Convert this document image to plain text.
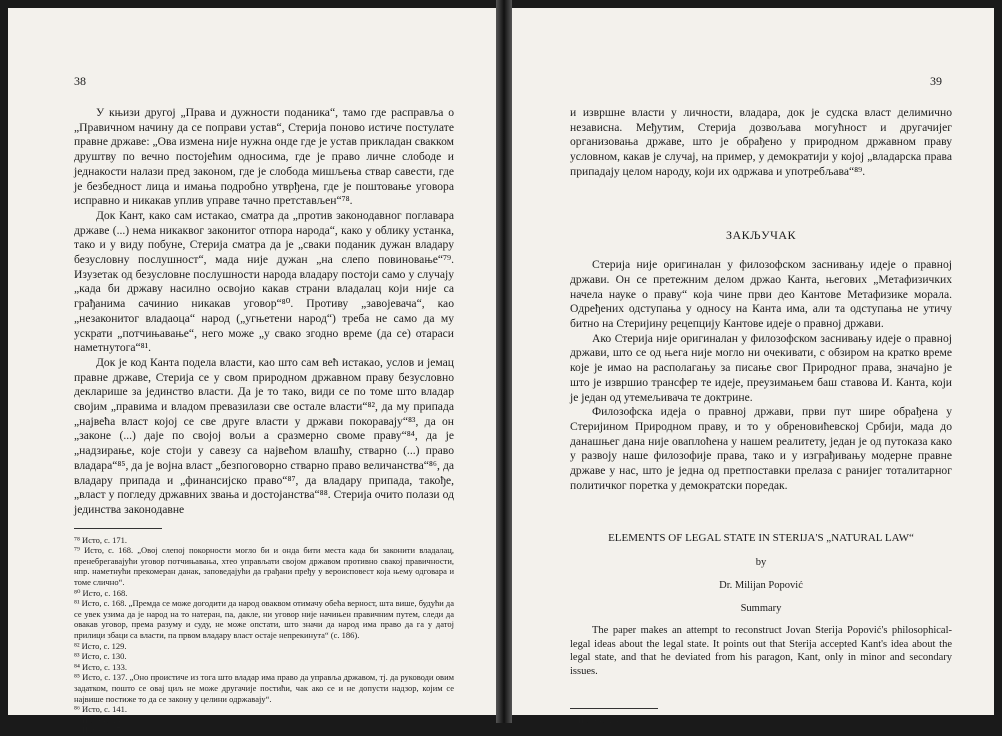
38

У књизи другој „Права и дужности поданика“, тамо где расправља о „Правичном начину да се поправи устав“, Стерија поново истиче постулате правне државе: „Ова измена није нужна онде где је устав прикладан свакком друштву по вечно постојећим односима, где је право личне слободе и једнакости налази пред законом, где је слобода мишљења ствар савести, где је безбедност лица и имања подробно утврђена, где је поштовање уговора исправно и никакав уплив управе тачно претстављен“⁷⁸.

Док Кант, како сам истакао, сматра да „против законодавног поглавара државе (...) нема никаквог законитог отпора народа“, како у облику устанка, тако и у виду побуне, Стерија сматра да је „сваки поданик дужан владару безусловну послушност“, мада није дужан „на слепо повиновање“⁷⁹. Изузетак од безусловне послушности народа владару постоји само у случају „када би државу насилно освојио какав страни владалац који није са грађанима сачинио никакав уговор“⁸⁰. Противу „завојевача“, као „незаконитог владаоца“ народ („угњетени народ“) треба не само да му ускрати „потчињавање“, него може „у свако згодно време (да се) отараси наметнутога“⁸¹.

Док је код Канта подела власти, као што сам већ истакао, услов и јемац правне државе, Стерија се у свом природном државном праву безусловно декларише за јединство власти. Да је то тако, види се по томе што владар својим „правима и владом превазилази све остале власти“⁸², да му припада „највећа власт којој се све друге власти у држави покоравају“⁸³, да он „законе (...) даје по својој вољи а сразмерно своме праву“⁸⁴, да је „надзирање, које стоји у савезу са највећом влашћу, стварно (...) право владара“⁸⁵, да је војна власт „безпоговорно стварно право величанства“⁸⁶, да владару припада и „финансијско право“⁸⁷, да владару припада, такође, „власт у погледу државних звања и достојанства“⁸⁸. Стерија очито полази од јединства законодавне

⁷⁸ Исто, с. 171.

⁷⁹ Исто, с. 168. „Овој слепој покорности могло би и онда бити места када би законити владалац, пренебрегавајући уговор потчињавања, хтео управљати својом државом противно свакој правичности, нпр. наметнући прекомеран данак, заповедајући да грађани пређу у вероисповест која њему одговара и томе слично“.

⁸⁰ Исто, с. 168.

⁸¹ Исто, с. 168. „Премда се може догодити да народ оваквом отимачу обећа верност, шта више, будући да се увек узима да је народ на то натеран, па, дакле, ни уговор није начињен правичним путем, следи да овакав уговор, према разуму и суду, не може опстати, што значи да народ има право да га у датој прилици збаци са власти, па првом владару власт остаје непрекинута“ (с. 186).

⁸² Исто, с. 129.

⁸³ Исто, с. 130.

⁸⁴ Исто, с. 133.

⁸⁵ Исто, с. 137. „Оно проистиче из тога што владар има право да управља државом, тј. да руководи овим задатком, пошто се овај циљ не може другачије постићи, чак ако се и не допусти надзор, којим се највише постиже то да се закону у целини одржавају“.

⁸⁶ Исто, с. 141.

⁸⁷ Исто, с. 153.

⁸⁸ Исто, с. 156.

39

и извршне власти у личности, владара, док је судска власт делимично независна. Међутим, Стерија дозвољава могућност и другачијег организовања државе, што је обрађено у природном државном праву условном, какав је случај, на пример, у демократији у којој „владарска права припадају целом народу, који их одржава и употребљава“⁸⁹.

ЗАКЉУЧАК

Стерија није оригиналан у филозофском заснивању идеје о правној држави. Он се претежним делом држао Канта, његових „Метафизичких начела науке о праву“ која чине први део Кантове Метафизике морала. Одређених одступања у односу на Канта има, али та одступања не утичу битно на Стеријину рецепцију Кантове идеје о правној држави.

Ако Стерија није оригиналан у филозофском заснивању идеје о правној држави, што се од њега није могло ни очекивати, с обзиром на кратко време које је имао на располагању за писање свог Природног права, значајно је што је извршио трансфер те идеје, преузимањем баш ставова И. Канта, који је један од утемељивача те доктрине.

Филозофска идеја о правној држави, први пут шире обрађена у Стеријином Природном праву, и то у обреновићевској Србији, мада до данашњег дана није оваплоћена у нашем реалитету, један је од путоказа како у развоју наше филозофије права, тако и у изграђивању модерне правне државе у нас, што је једна од претпоставки прелаза с ранијег тоталитарног политичког поретка у демократски поредак.

ELEMENTS OF LEGAL STATE IN STERIJA'S „NATURAL LAW“
by
Dr. Milijan Popović
Summary

The paper makes an attempt to reconstruct Jovan Sterija Popović's philosophical-legal ideas about the legal state. It points out that Sterija accepted Kant's idea about the legal state, and that he deviated from his paragon, Kant, only in minor and secondary issues.

⁸⁹ Исто, с. 178.
